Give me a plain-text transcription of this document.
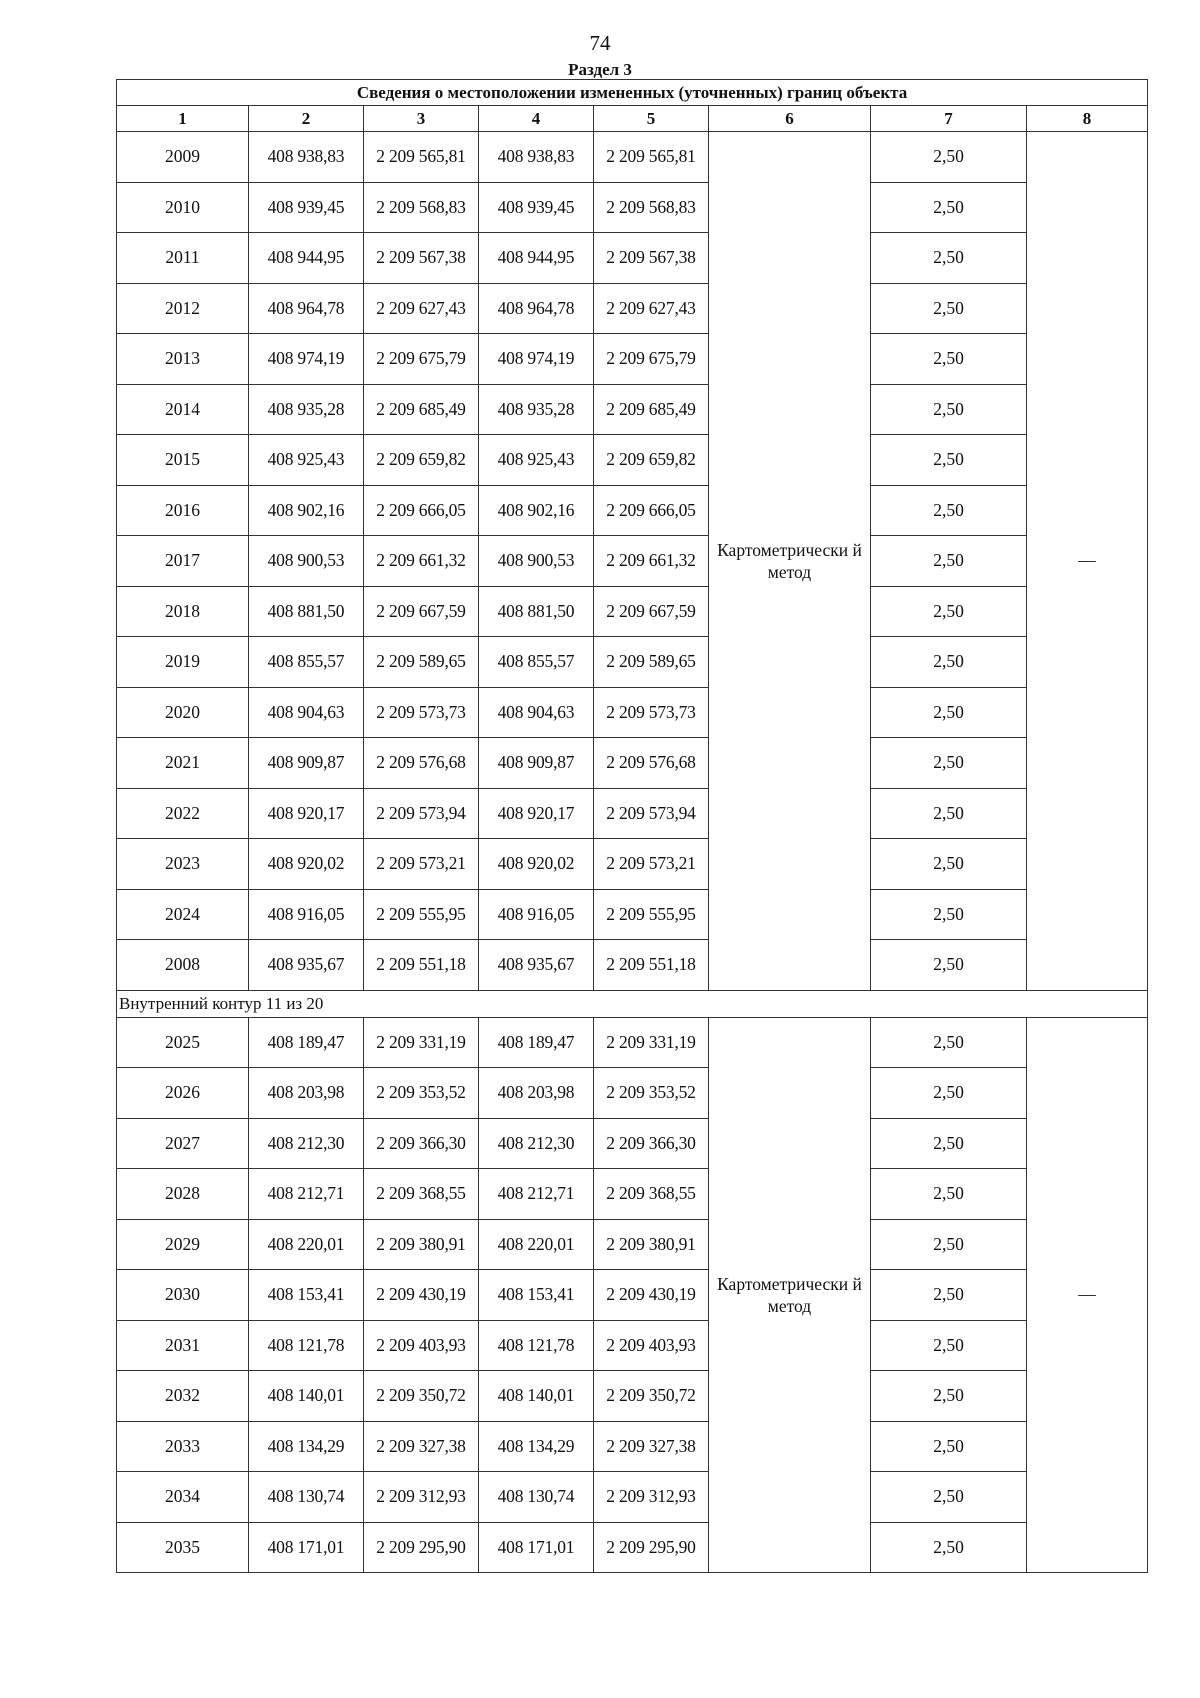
74
Раздел 3
Сведения о местоположении измененных (уточненных) границ объекта							
1	2	3	4	5	6	7	8
2009	408 938,83	2 209 565,81	408 938,83	2 209 565,81	Картометрически й метод	2,50	—
2010	408 939,45	2 209 568,83	408 939,45	2 209 568,83		2,50	
2011	408 944,95	2 209 567,38	408 944,95	2 209 567,38		2,50	
2012	408 964,78	2 209 627,43	408 964,78	2 209 627,43		2,50	
2013	408 974,19	2 209 675,79	408 974,19	2 209 675,79		2,50	
2014	408 935,28	2 209 685,49	408 935,28	2 209 685,49		2,50	
2015	408 925,43	2 209 659,82	408 925,43	2 209 659,82		2,50	
2016	408 902,16	2 209 666,05	408 902,16	2 209 666,05		2,50	
2017	408 900,53	2 209 661,32	408 900,53	2 209 661,32		2,50	
2018	408 881,50	2 209 667,59	408 881,50	2 209 667,59		2,50	
2019	408 855,57	2 209 589,65	408 855,57	2 209 589,65		2,50	
2020	408 904,63	2 209 573,73	408 904,63	2 209 573,73		2,50	
2021	408 909,87	2 209 576,68	408 909,87	2 209 576,68		2,50	
2022	408 920,17	2 209 573,94	408 920,17	2 209 573,94		2,50	
2023	408 920,02	2 209 573,21	408 920,02	2 209 573,21		2,50	
2024	408 916,05	2 209 555,95	408 916,05	2 209 555,95		2,50	
2008	408 935,67	2 209 551,18	408 935,67	2 209 551,18		2,50	
Внутренний контур 11 из 20							
2025	408 189,47	2 209 331,19	408 189,47	2 209 331,19	Картометрически й метод	2,50	—
2026	408 203,98	2 209 353,52	408 203,98	2 209 353,52		2,50	
2027	408 212,30	2 209 366,30	408 212,30	2 209 366,30		2,50	
2028	408 212,71	2 209 368,55	408 212,71	2 209 368,55		2,50	
2029	408 220,01	2 209 380,91	408 220,01	2 209 380,91		2,50	
2030	408 153,41	2 209 430,19	408 153,41	2 209 430,19		2,50	
2031	408 121,78	2 209 403,93	408 121,78	2 209 403,93		2,50	
2032	408 140,01	2 209 350,72	408 140,01	2 209 350,72		2,50	
2033	408 134,29	2 209 327,38	408 134,29	2 209 327,38		2,50	
2034	408 130,74	2 209 312,93	408 130,74	2 209 312,93		2,50	
2035	408 171,01	2 209 295,90	408 171,01	2 209 295,90		2,50	
